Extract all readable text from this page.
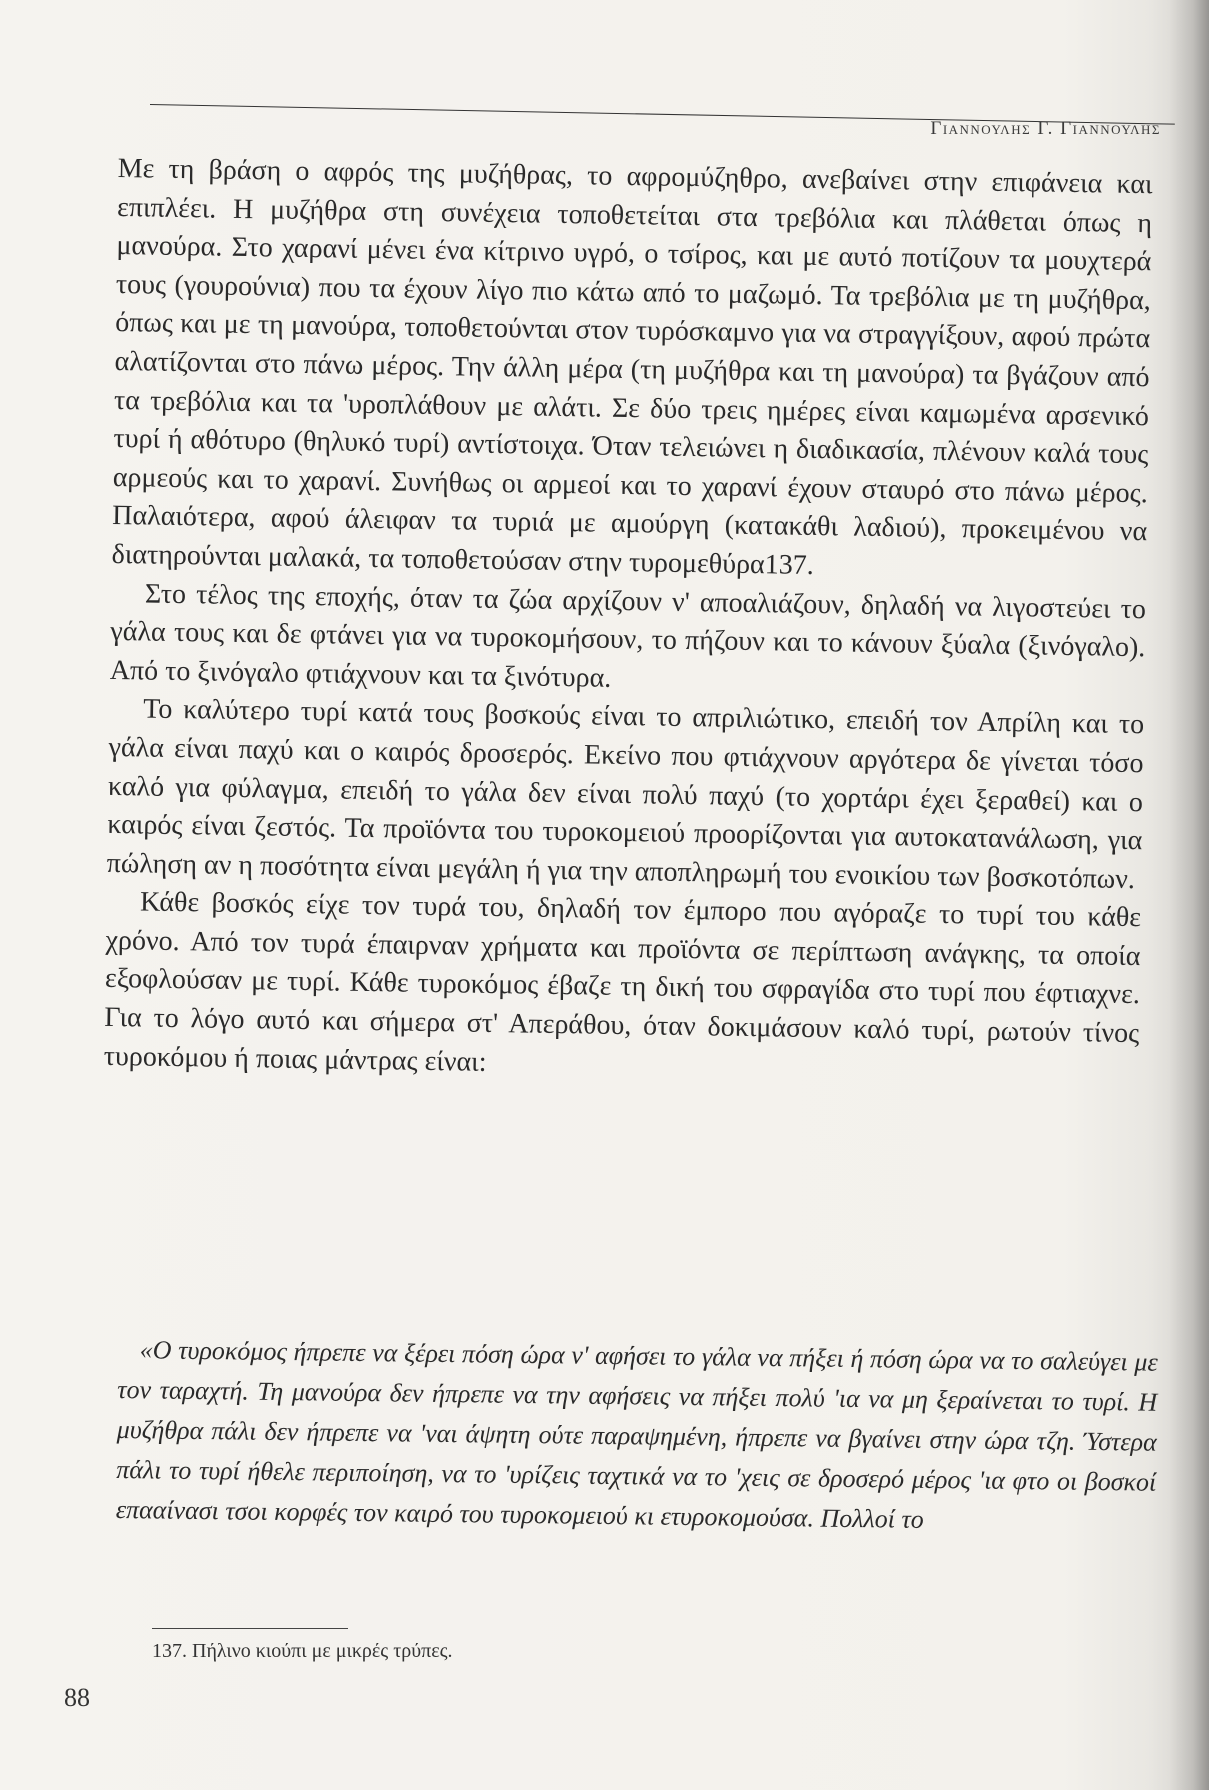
Γιαννουλης Γ. Γιαννουλης

Με τη βράση ο αφρός της μυζήθρας, το αφρομύζηθρο, ανεβαίνει στην επιφάνεια και επιπλέει. Η μυζήθρα στη συνέχεια τοποθετείται στα τρεβόλια και πλάθεται όπως η μανούρα. Στο χαρανί μένει ένα κίτρινο υγρό, ο τσίρος, και με αυτό ποτίζουν τα μουχτερά τους (γουρούνια) που τα έχουν λίγο πιο κάτω από το μαζωμό. Τα τρεβόλια με τη μυζήθρα, όπως και με τη μανούρα, τοποθετούνται στον τυρόσκαμνο για να στραγγίξουν, αφού πρώτα αλατίζονται στο πάνω μέρος. Την άλλη μέρα (τη μυζήθρα και τη μανούρα) τα βγάζουν από τα τρεβόλια και τα 'υροπλάθουν με αλάτι. Σε δύο τρεις ημέρες είναι καμωμένα αρσενικό τυρί ή αθότυρο (θηλυκό τυρί) αντίστοιχα. Όταν τελειώνει η διαδικασία, πλένουν καλά τους αρμεούς και το χαρανί. Συνήθως οι αρμεοί και το χαρανί έχουν σταυρό στο πάνω μέρος. Παλαιότερα, αφού άλειφαν τα τυριά με αμούργη (κατακάθι λαδιού), προκειμένου να διατηρούνται μαλακά, τα τοποθετούσαν στην τυρομεθύρα137.

Στο τέλος της εποχής, όταν τα ζώα αρχίζουν ν' αποαλιάζουν, δηλαδή να λιγοστεύει το γάλα τους και δε φτάνει για να τυροκομήσουν, το πήζουν και το κάνουν ξύαλα (ξινόγαλο). Από το ξινόγαλο φτιάχνουν και τα ξινότυρα.

Το καλύτερο τυρί κατά τους βοσκούς είναι το απριλιώτικο, επειδή τον Απρίλη και το γάλα είναι παχύ και ο καιρός δροσερός. Εκείνο που φτιάχνουν αργότερα δε γίνεται τόσο καλό για φύλαγμα, επειδή το γάλα δεν είναι πολύ παχύ (το χορτάρι έχει ξεραθεί) και ο καιρός είναι ζεστός. Τα προϊόντα του τυροκομειού προορίζονται για αυτοκατανάλωση, για πώληση αν η ποσότητα είναι μεγάλη ή για την αποπληρωμή του ενοικίου των βοσκοτόπων.

Κάθε βοσκός είχε τον τυρά του, δηλαδή τον έμπορο που αγόραζε το τυρί του κάθε χρόνο. Από τον τυρά έπαιρναν χρήματα και προϊόντα σε περίπτωση ανάγκης, τα οποία εξοφλούσαν με τυρί. Κάθε τυροκόμος έβαζε τη δική του σφραγίδα στο τυρί που έφτιαχνε. Για το λόγο αυτό και σήμερα στ' Απεράθου, όταν δοκιμάσουν καλό τυρί, ρωτούν τίνος τυροκόμου ή ποιας μάντρας είναι:

«Ο τυροκόμος ήπρεπε να ξέρει πόση ώρα ν' αφήσει το γάλα να πήξει ή πόση ώρα να το σαλεύγει με τον ταραχτή. Τη μανούρα δεν ήπρεπε να την αφήσεις να πήξει πολύ 'ια να μη ξεραίνεται το τυρί. Η μυζήθρα πάλι δεν ήπρεπε να 'ναι άψητη ούτε παραψημένη, ήπρεπε να βγαίνει στην ώρα τζη. Ύστερα πάλι το τυρί ήθελε περιποίηση, να το 'υρίζεις ταχτικά να το 'χεις σε δροσερό μέρος 'ια φτο οι βοσκοί επααίνασι τσοι κορφές τον καιρό του τυροκομειού κι ετυροκομούσα. Πολλοί το

137. Πήλινο κιούπι με μικρές τρύπες.
88
